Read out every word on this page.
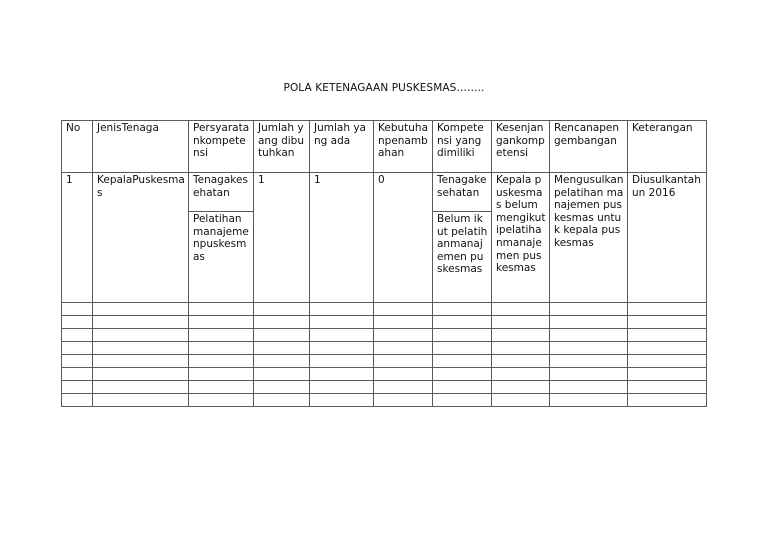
POLA KETENAGAAN PUSKESMAS……..
No	JenisTenaga	Persyaratankompetensi	Jumlah yang dibutuhkan	Jumlah yang ada	Kebutuhanpenambahan	Kompetensi yang dimiliki	Kesenjangankompetensi	Rencanapengembangan	Keterangan
1	KepalaPuskesmas	Tenagakesehatan	1	1	0	Tenagakesehatan	Kepala puskesmas belum mengikutipelatihanmanajemen puskesmas	Mengusulkanpelatihan manajemen puskesmas untuk kepala puskesmas	Diusulkantahun 2016
		Pelatihanmanajemenpuskesmas				Belum ikut pelatihanmanajemen puskesmas			
